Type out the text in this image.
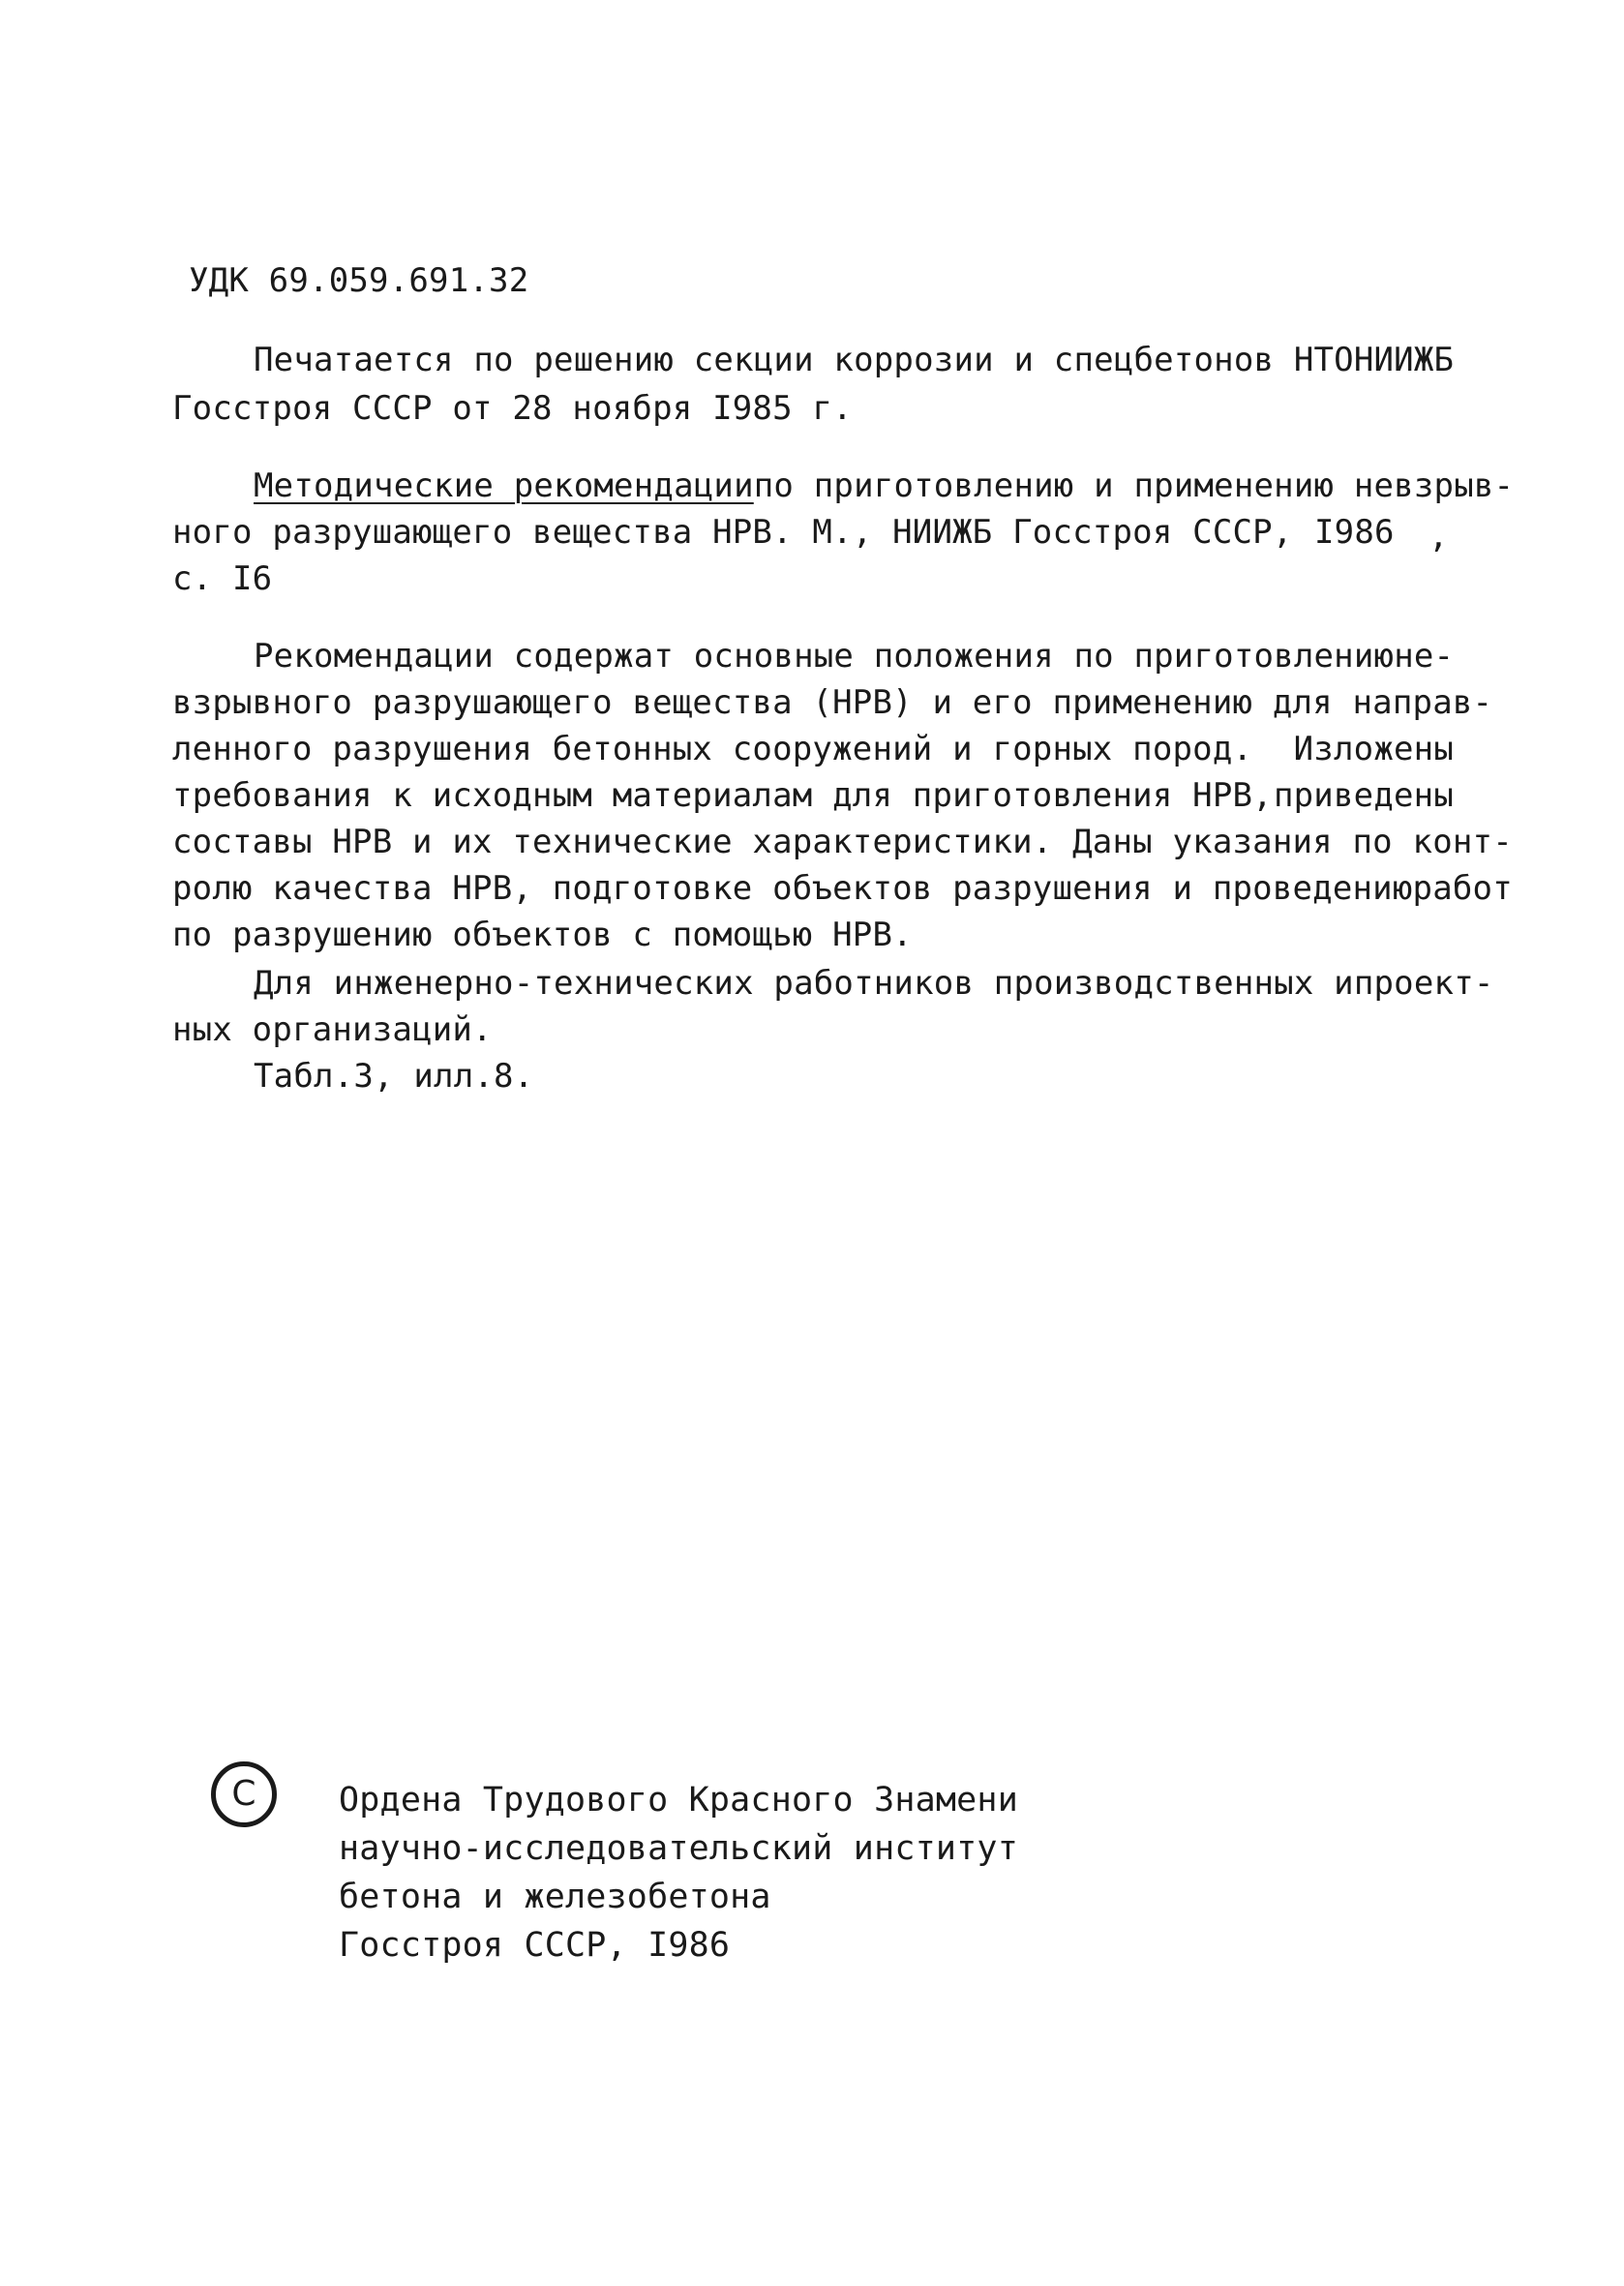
УДК 69.059.691.32
Печатается по решению секции коррозии и спецбетонов НТО НИИЖБ
Госстроя СССР от 28 ноября I985 г.
Методические рекомендации по приготовлению и применению невзрыв-
ного разрушающего вещества НРВ. М., НИИЖБ Госстроя СССР, I986 ,
с. I6
Рекомендации содержат основные положения по приготовлению не-
взрывного разрушающего вещества (НРВ) и его применению для направ -
ленного разрушения бетонных сооружений и горных пород. Изложены
требования к исходным материалам для приготовления НРВ, приведены
составы НРВ и их технические характеристики. Даны указания по конт -
ролю качества НРВ, подготовке объектов разрушения и проведению работ
по разрушению объектов с помощью НРВ.
Для инженерно-технических работников производственных и проект-
ных организаций.
Табл.3, илл.8.
C	Ордена Трудового Красного Знамени
научно-исследовательский институт
бетона и железобетона
Госстроя СССР, I986
